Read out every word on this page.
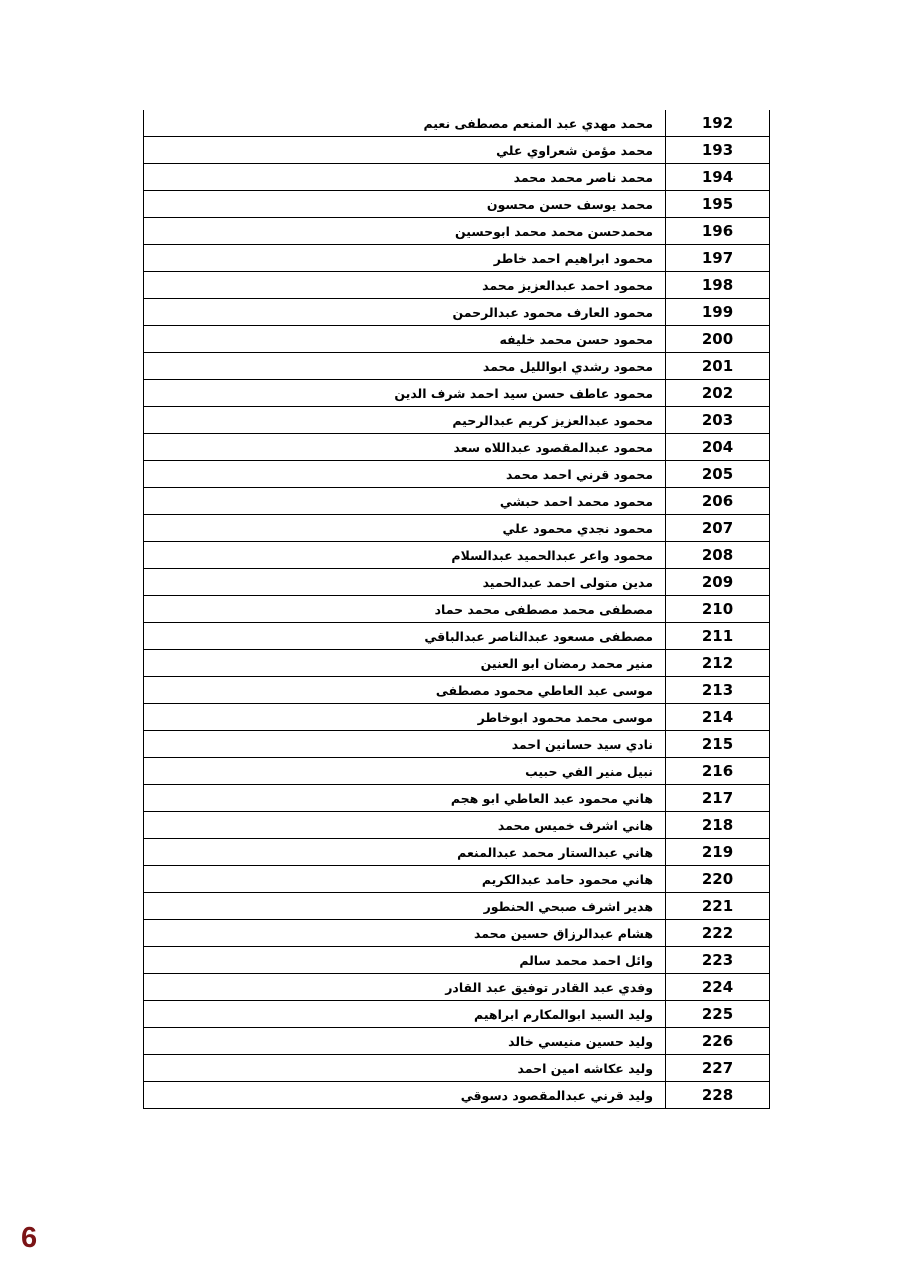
192	محمد مهدي عبد المنعم مصطفى نعيم
193	محمد مؤمن شعراوي علي
194	محمد ناصر محمد محمد
195	محمد يوسف حسن محسون
196	محمدحسن محمد محمد ابوحسين
197	محمود ابراهيم احمد خاطر
198	محمود احمد عبدالعزيز محمد
199	محمود العارف محمود عبدالرحمن
200	محمود حسن محمد خليفه
201	محمود رشدي ابوالليل محمد
202	محمود عاطف حسن سيد احمد شرف الدين
203	محمود عبدالعزيز كريم عبدالرحيم
204	محمود عبدالمقصود عبداللاه سعد
205	محمود قرني احمد محمد
206	محمود محمد احمد حبشي
207	محمود نجدي محمود علي
208	محمود واعر عبدالحميد عبدالسلام
209	مدين متولى احمد عبدالحميد
210	مصطفى محمد مصطفى محمد حماد
211	مصطفى مسعود عبدالناصر عبدالباقي
212	منير محمد رمضان ابو العنين
213	موسى عبد العاطي محمود مصطفى
214	موسى محمد محمود ابوخاطر
215	نادي سيد حسانين احمد
216	نبيل منير الفي حبيب
217	هاني محمود عبد العاطي ابو هجم
218	هاني اشرف خميس محمد
219	هاني عبدالستار محمد عبدالمنعم
220	هاني محمود حامد عبدالكريم
221	هدير اشرف صبحي الحنطور
222	هشام عبدالرزاق حسين محمد
223	وائل احمد محمد سالم
224	وفدي عبد القادر توفيق عبد القادر
225	وليد السيد ابوالمكارم ابراهيم
226	وليد حسين منيسي خالد
227	وليد عكاشه امين احمد
228	وليد قرني عبدالمقصود دسوقي
6
